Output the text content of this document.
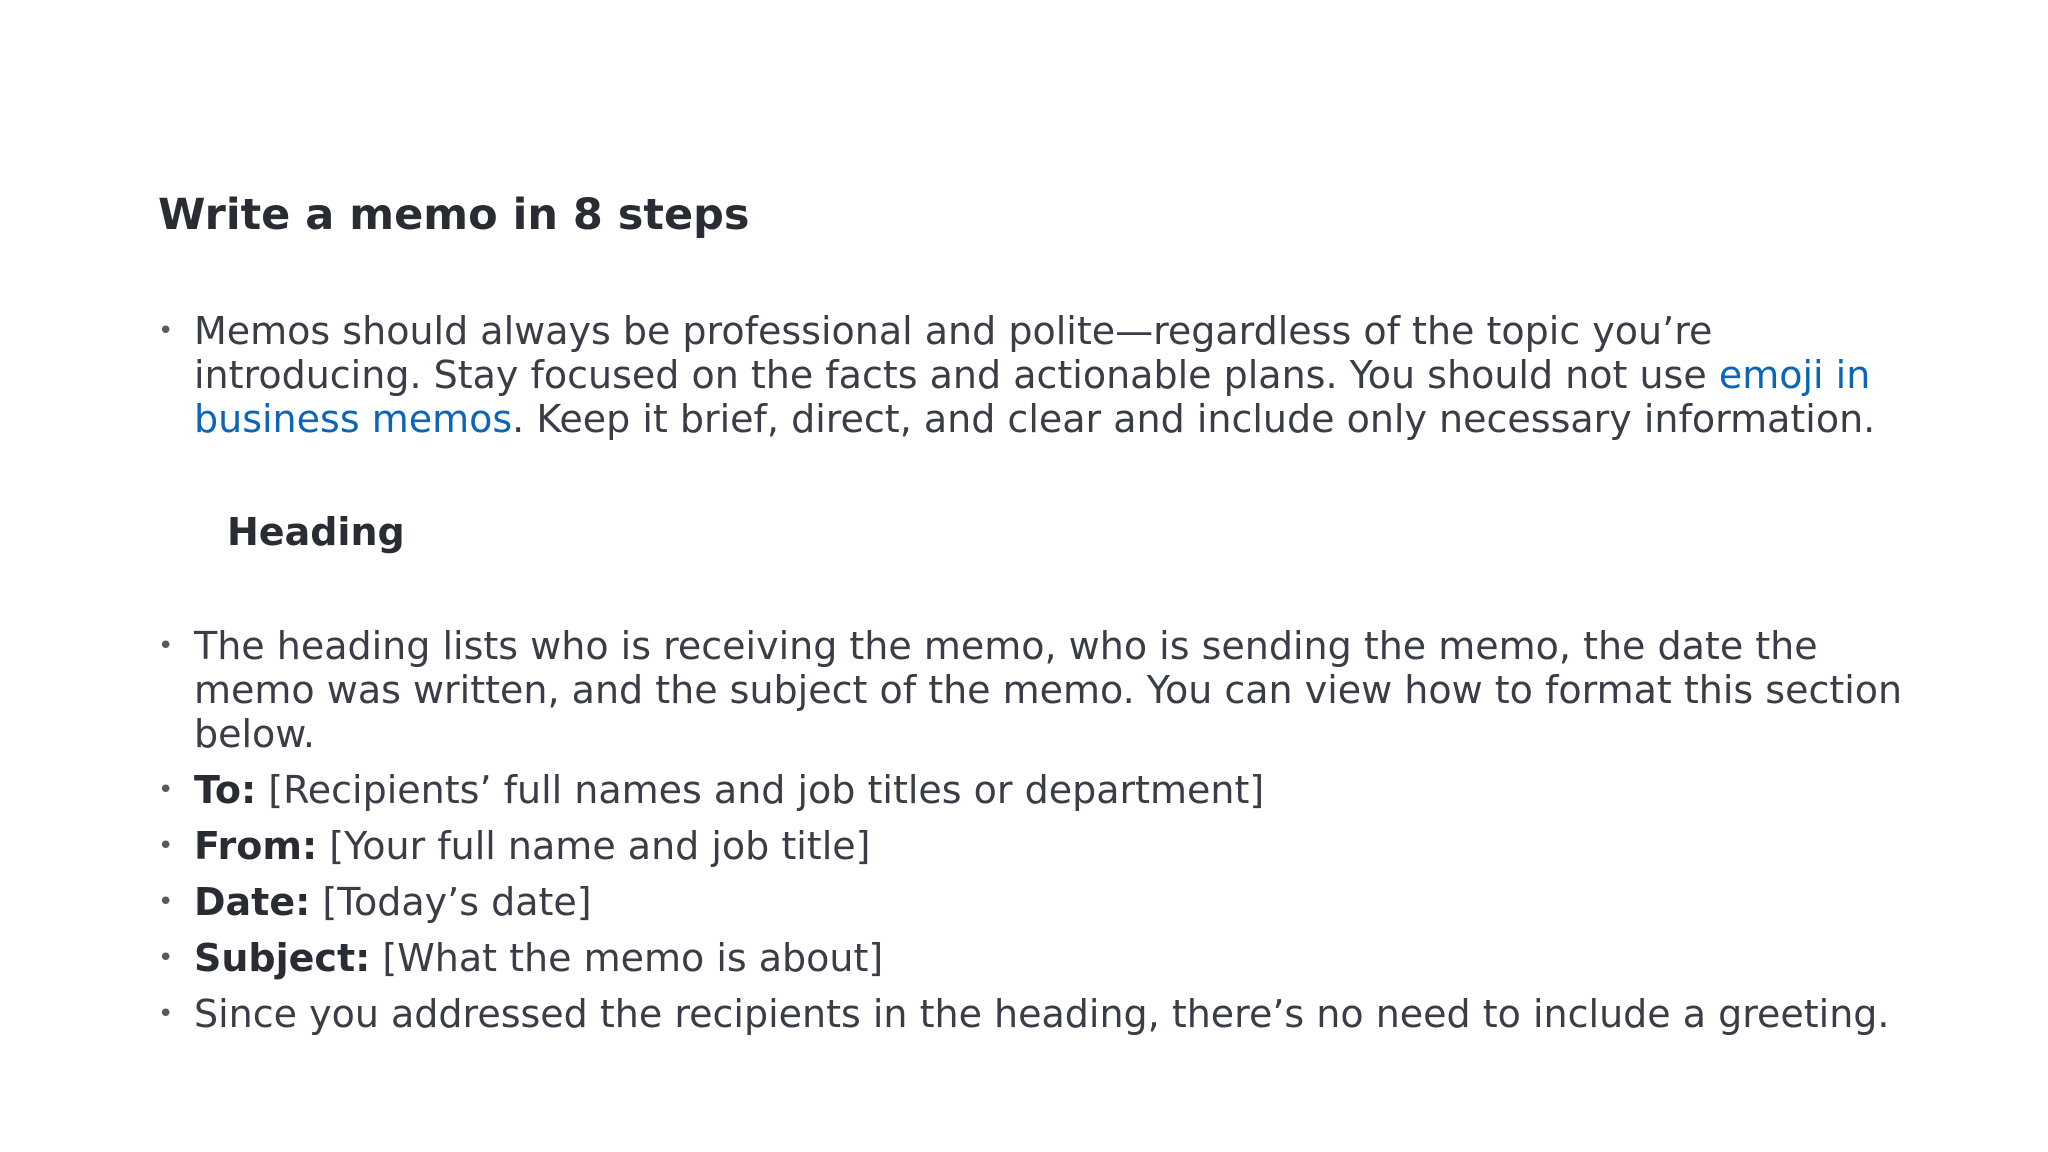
Write a memo in 8 steps
• Memos should always be professional and polite—regardless of the topic you’re introducing. Stay focused on the facts and actionable plans. You should not use emoji in business memos. Keep it brief, direct, and clear and include only necessary information.
Heading
• The heading lists who is receiving the memo, who is sending the memo, the date the memo was written, and the subject of the memo. You can view how to format this section below.
• To: [Recipients’ full names and job titles or department]
• From: [Your full name and job title]
• Date: [Today’s date]
• Subject: [What the memo is about]
• Since you addressed the recipients in the heading, there’s no need to include a greeting.
